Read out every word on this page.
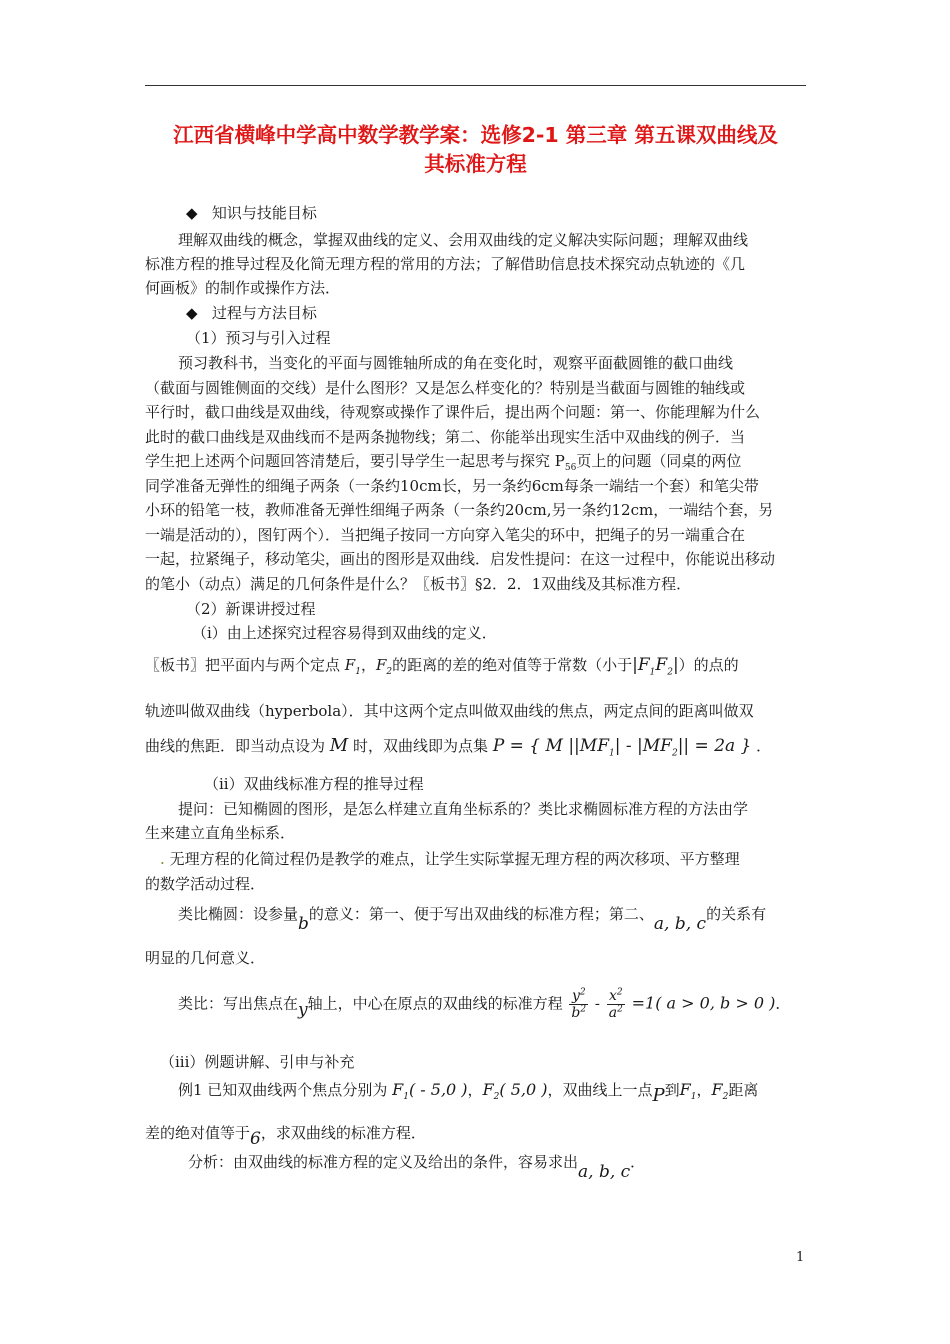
江西省横峰中学高中数学教学案：选修2-1 第三章 第五课双曲线及
其标准方程
◆ 知识与技能目标
理解双曲线的概念，掌握双曲线的定义、会用双曲线的定义解决实际问题；理解双曲线
标准方程的推导过程及化简无理方程的常用的方法；了解借助信息技术探究动点轨迹的《几
何画板》的制作或操作方法．
◆ 过程与方法目标
（1）预习与引入过程
预习教科书，当变化的平面与圆锥轴所成的角在变化时，观察平面截圆锥的截口曲线
（截面与圆锥侧面的交线）是什么图形？又是怎么样变化的？特别是当截面与圆锥的轴线或
平行时，截口曲线是双曲线，待观察或操作了课件后，提出两个问题：第一、你能理解为什么
此时的截口曲线是双曲线而不是两条抛物线；第二、你能举出现实生活中双曲线的例子．当
学生把上述两个问题回答清楚后，要引导学生一起思考与探究 $P_{56}$页上的问题（同桌的两位
同学准备无弹性的细绳子两条（一条约10cm长，另一条约6cm每条一端结一个套）和笔尖带
小环的铅笔一枝，教师准备无弹性细绳子两条（一条约20cm,另一条约12cm，一端结个套，另
一端是活动的），图钉两个）．当把绳子按同一方向穿入笔尖的环中，把绳子的另一端重合在
一起，拉紧绳子，移动笔尖，画出的图形是双曲线．启发性提问：在这一过程中，你能说出移动
的笔小（动点）满足的几何条件是什么？〖板书〗§2．2．1双曲线及其标准方程．
（2）新课讲授过程
（i）由上述探究过程容易得到双曲线的定义．
〖板书〗把平面内与两个定点 $F_1$，$F_2$的距离的差的绝对值等于常数（小于$|F_1F_2|$）的点的
轨迹叫做双曲线（hyperbola）．其中这两个定点叫做双曲线的焦点，两定点间的距离叫做双
曲线的焦距．即当动点设为 M 时，双曲线即为点集 P = { M $||MF_1| - |MF_2|| = 2a$ } ．
（ii）双曲线标准方程的推导过程
提问：已知椭圆的图形，是怎么样建立直角坐标系的？类比求椭圆标准方程的方法由学
生来建立直角坐标系．
. 无理方程的化简过程仍是教学的难点，让学生实际掌握无理方程的两次移项、平方整理
的数学活动过程．
类比椭圆：设参量b的意义：第一、便于写出双曲线的标准方程；第二、a, b, c的关系有
明显的几何意义．
类比：写出焦点在y轴上，中心在原点的双曲线的标准方程 $\frac{y^2}{b^2} - \frac{x^2}{a^2} =1$( a > 0, b > 0 )．
（iii）例题讲解、引申与补充
例1 已知双曲线两个焦点分别为 $F_1( - 5,0$ )，$F_2$( 5,0 )，双曲线上一点P到$F_1$，$F_2$距离
差的绝对值等于6，求双曲线的标准方程．
分析：由双曲线的标准方程的定义及给出的条件，容易求出a, b, c．
1
